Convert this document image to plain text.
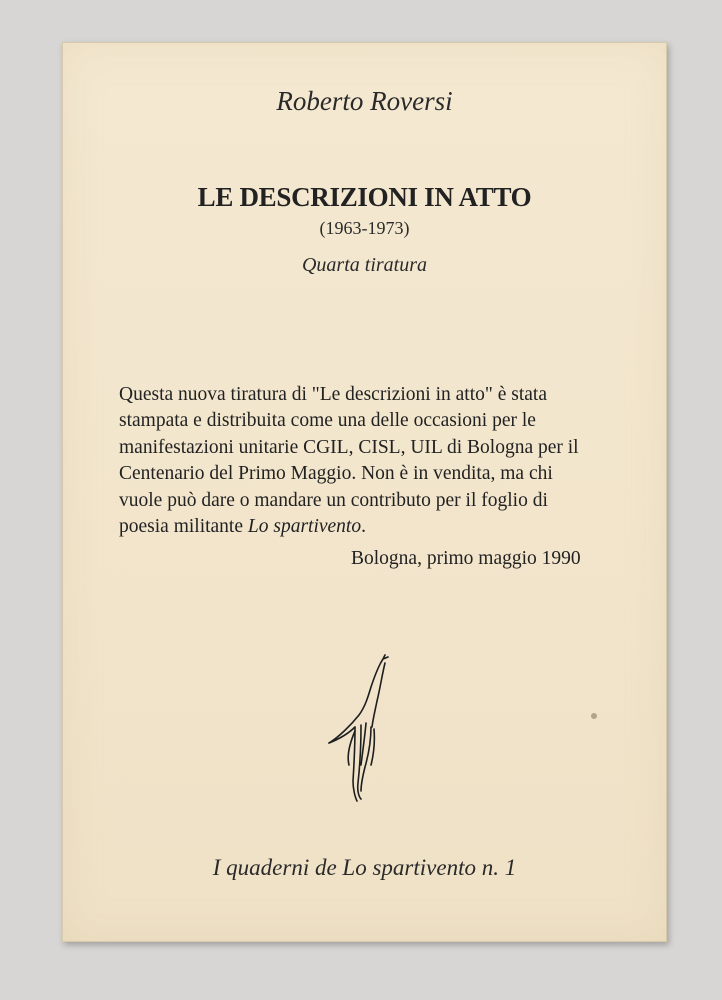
Roberto Roversi
LE DESCRIZIONI IN ATTO
(1963-1973)
Quarta tiratura
Questa nuova tiratura di "Le descrizioni in atto" è stata
stampata e distribuita come una delle occasioni per le
manifestazioni unitarie CGIL, CISL, UIL di Bologna per il
Centenario del Primo Maggio. Non è in vendita, ma chi
vuole può dare o mandare un contributo per il foglio di
poesia militante Lo spartivento.
Bologna, primo maggio 1990
I quaderni de Lo spartivento n. 1
